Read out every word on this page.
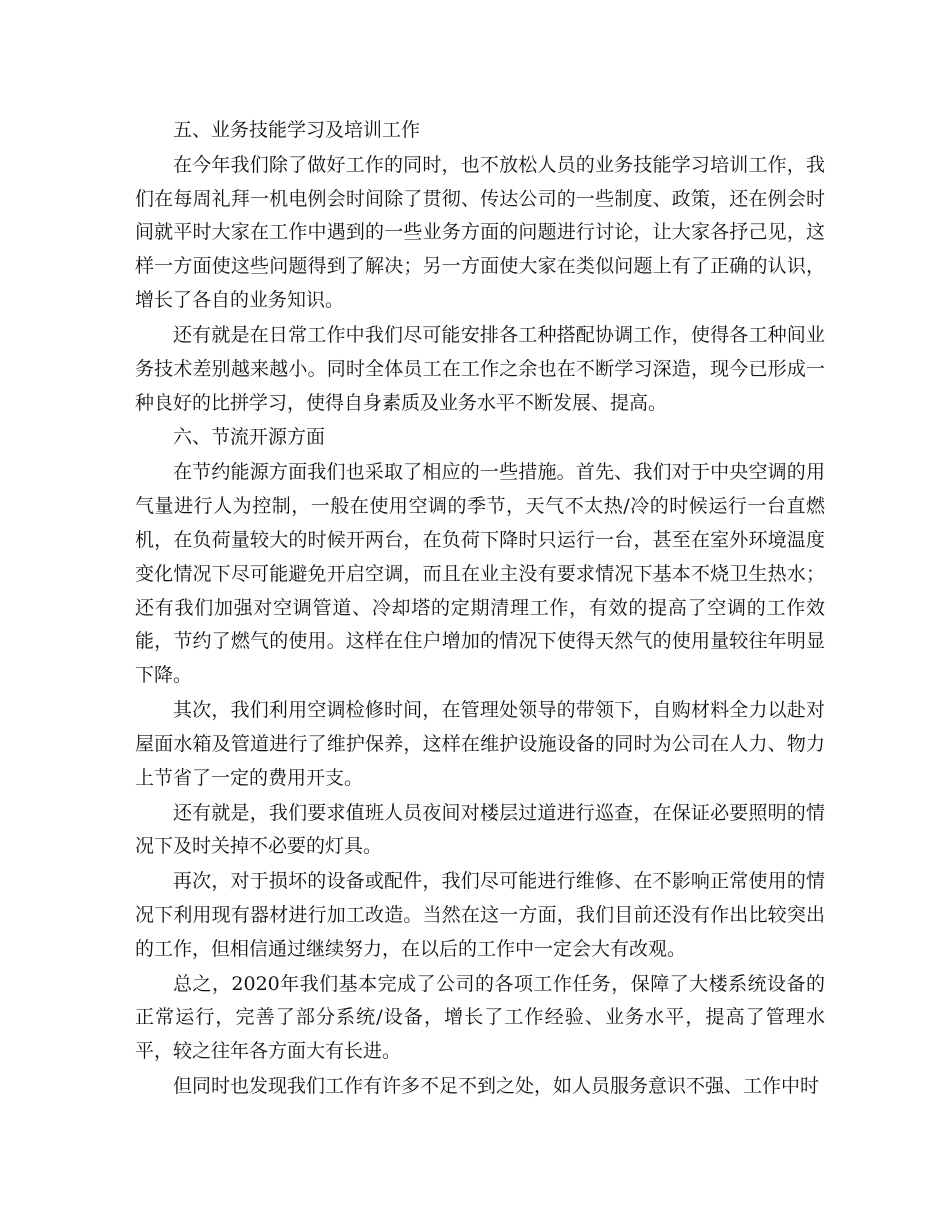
五、业务技能学习及培训工作

在今年我们除了做好工作的同时，也不放松人员的业务技能学习培训工作，我们在每周礼拜一机电例会时间除了贯彻、传达公司的一些制度、政策，还在例会时间就平时大家在工作中遇到的一些业务方面的问题进行讨论，让大家各抒己见，这样一方面使这些问题得到了解决；另一方面使大家在类似问题上有了正确的认识，增长了各自的业务知识。

还有就是在日常工作中我们尽可能安排各工种搭配协调工作，使得各工种间业务技术差别越来越小。同时全体员工在工作之余也在不断学习深造，现今已形成一种良好的比拼学习，使得自身素质及业务水平不断发展、提高。

六、节流开源方面

在节约能源方面我们也采取了相应的一些措施。首先、我们对于中央空调的用气量进行人为控制，一般在使用空调的季节，天气不太热/冷的时候运行一台直燃机，在负荷量较大的时候开两台，在负荷下降时只运行一台，甚至在室外环境温度变化情况下尽可能避免开启空调，而且在业主没有要求情况下基本不烧卫生热水；还有我们加强对空调管道、冷却塔的定期清理工作，有效的提高了空调的工作效能，节约了燃气的使用。这样在住户增加的情况下使得天然气的使用量较往年明显下降。

其次，我们利用空调检修时间，在管理处领导的带领下，自购材料全力以赴对屋面水箱及管道进行了维护保养，这样在维护设施设备的同时为公司在人力、物力上节省了一定的费用开支。

还有就是，我们要求值班人员夜间对楼层过道进行巡查，在保证必要照明的情况下及时关掉不必要的灯具。

再次，对于损坏的设备或配件，我们尽可能进行维修、在不影响正常使用的情况下利用现有器材进行加工改造。当然在这一方面，我们目前还没有作出比较突出的工作，但相信通过继续努力，在以后的工作中一定会大有改观。

总之，2020年我们基本完成了公司的各项工作任务，保障了大楼系统设备的正常运行，完善了部分系统/设备，增长了工作经验、业务水平，提高了管理水平，较之往年各方面大有长进。

但同时也发现我们工作有许多不足不到之处，如人员服务意识不强、工作中时
